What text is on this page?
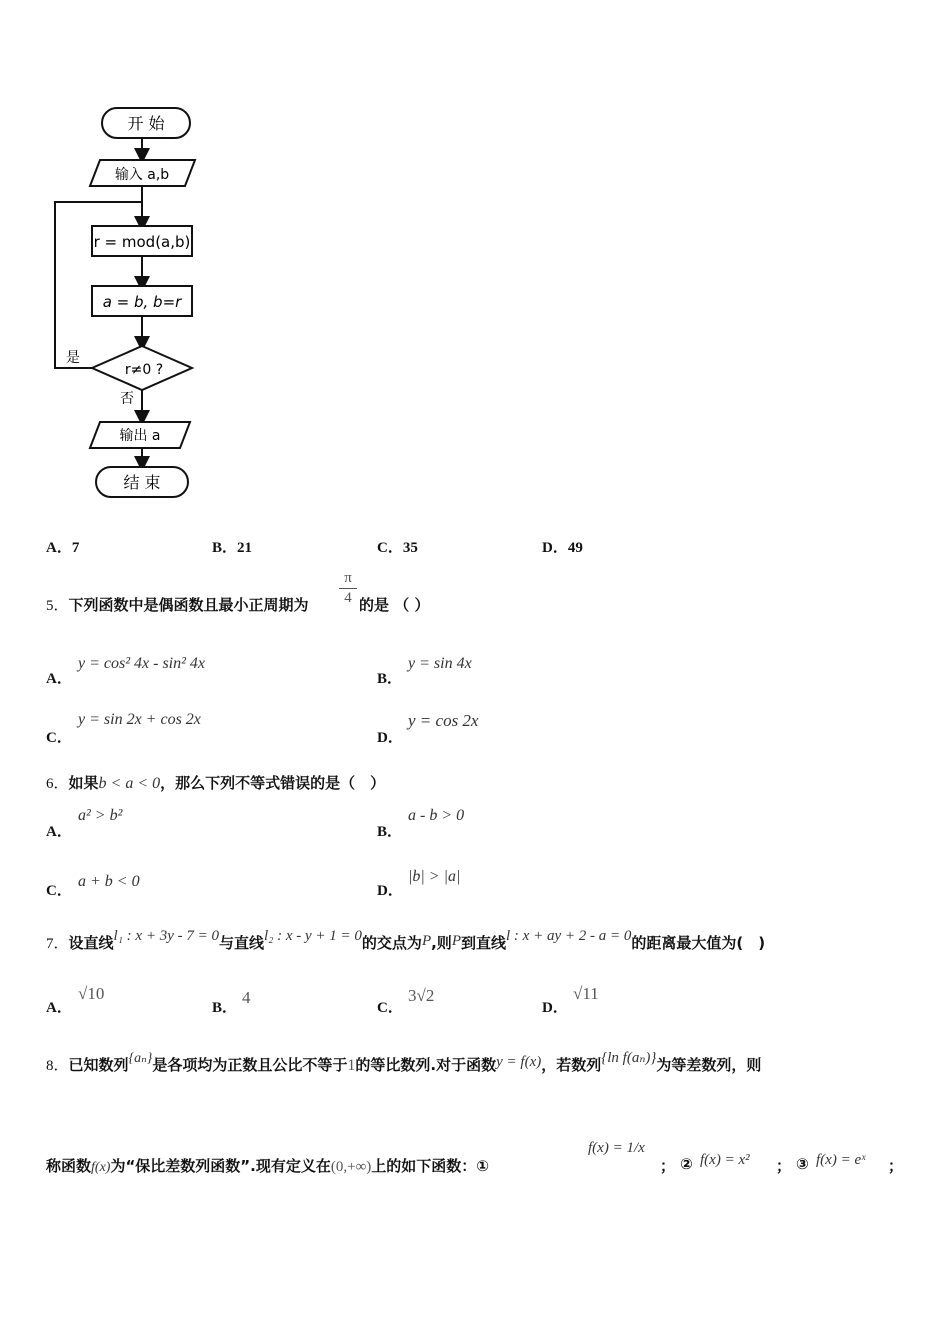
开 始
输入 a,b
r = mod(a,b)
a = b, b=r
r≠0 ?
是
否
输出 a
结 束
A．7	B．21	C．35	D．49
5．下列函数中是偶函数且最小正周期为
π
4 的是 （ ）
A．
y = cos² 4x - sin² 4x
B．
y = sin 4x
C．
y = sin 2x + cos 2x
D．
y = cos 2x
6．如果b < a < 0，那么下列不等式错误的是（　）
A．
a² > b²
B．
a - b > 0
C．
a + b < 0
D．
|b| > |a|
7．设直线l₁ : x + 3y - 7 = 0与直线l₂ : x - y + 1 = 0的交点为P,则P到直线l : x + ay + 2 - a = 0的距离最大值为(　)
A．
√10
B．
4
C．
3√2
D．
√11
8．已知数列{aₙ}是各项均为正数且公比不等于1的等比数列.对于函数y = f(x)，若数列{ln f(aₙ)}为等差数列，则
称函数f(x)为“保比差数列函数”.现有定义在(0,+∞)上的如下函数：①
f(x) = 1/x
； ② f(x) = x² ； ③ f(x) = eˣ ；
